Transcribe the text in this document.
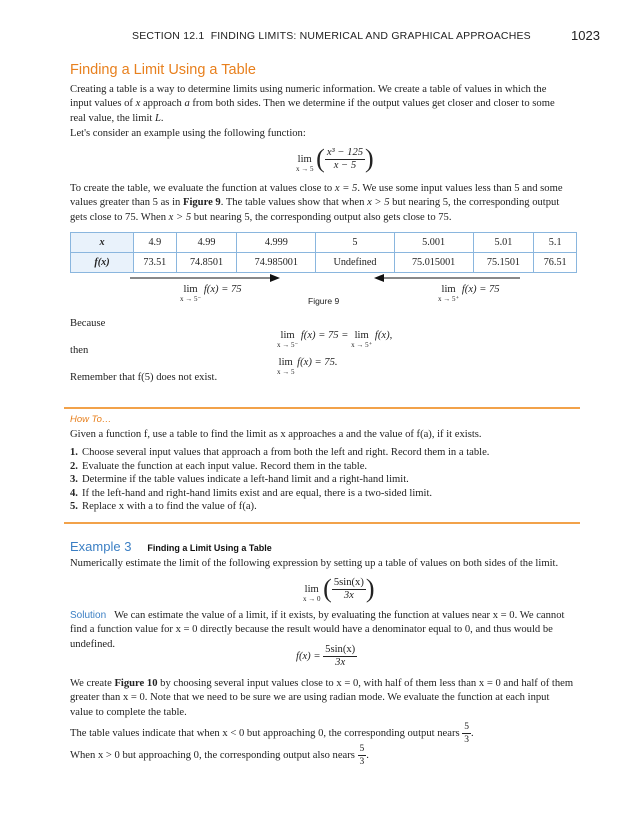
SECTION 12.1 FINDING LIMITS: NUMERICAL AND GRAPHICAL APPROACHES	1023
Finding a Limit Using a Table
Creating a table is a way to determine limits using numeric information. We create a table of values in which the
input values of x approach a from both sides. Then we determine if the output values get closer and closer to some
real value, the limit L.
Let's consider an example using the following function:
lim
x → 5 ( $\frac{\text{x³ − 125}}{x - 5}$ )
To create the table, we evaluate the function at values close to x = 5. We use some input values less than 5 and some
values greater than 5 as in Figure 9. The table values show that when x > 5 but nearing 5, the corresponding output
gets close to 75. When x > 5 but nearing 5, the corresponding output also gets close to 75.
x	4.9	4.99	4.999	5	5.001	5.01	5.1
f(x)	73.51	74.8501	74.985001	Undefined	75.015001	75.1501	76.51
lim
x → 5⁻
f(x) = 75	lim
x → 5⁺
f(x) = 75
Figure 9
Because
lim
x → 5⁻
f(x) = 75 = lim
x → 5⁺
f(x),
then
lim
x → 5
f(x) = 75.
Remember that f(5) does not exist.
How To…
Given a function f, use a table to find the limit as x approaches a and the value of f(a), if it exists.
1. Choose several input values that approach a from both the left and right. Record them in a table.
2. Evaluate the function at each input value. Record them in the table.
3. Determine if the table values indicate a left-hand limit and a right-hand limit.
4. If the left-hand and right-hand limits exist and are equal, there is a two-sided limit.
5. Replace x with a to find the value of f(a).
Example 3 Finding a Limit Using a Table
Numerically estimate the limit of the following expression by setting up a table of values on both sides of the limit.
lim
x → 0 ( $\frac{5\sin(x)}{3x}$ )
Solution We can estimate the value of a limit, if it exists, by evaluating the function at values near x = 0. We cannot
find a function value for x = 0 directly because the result would have a denominator equal to 0, and thus would be
undefined.
$f(x) = \frac{5\sin(x)}{3x}$
We create Figure 10 by choosing several input values close to x = 0, with half of them less than x = 0 and half of them
greater than x = 0. Note that we need to be sure we are using radian mode. We evaluate the function at each input
value to complete the table.
The table values indicate that when x < 0 but approaching 0, the corresponding output nears $\frac{5}{3}$ .
When x > 0 but approaching 0, the corresponding output also nears $\frac{5}{3}$ .
